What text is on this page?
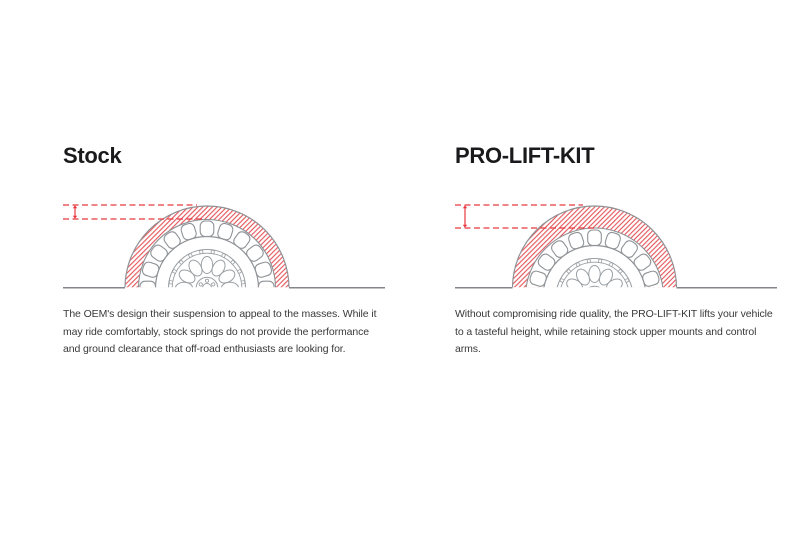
Stock
The OEM's design their suspension to appeal to the masses. While it
may ride comfortably, stock springs do not provide the performance
and ground clearance that off-road enthusiasts are looking for.
PRO-LIFT-KIT
Without compromising ride quality, the PRO-LIFT-KIT lifts your vehicle
to a tasteful height, while retaining stock upper mounts and control
arms.
